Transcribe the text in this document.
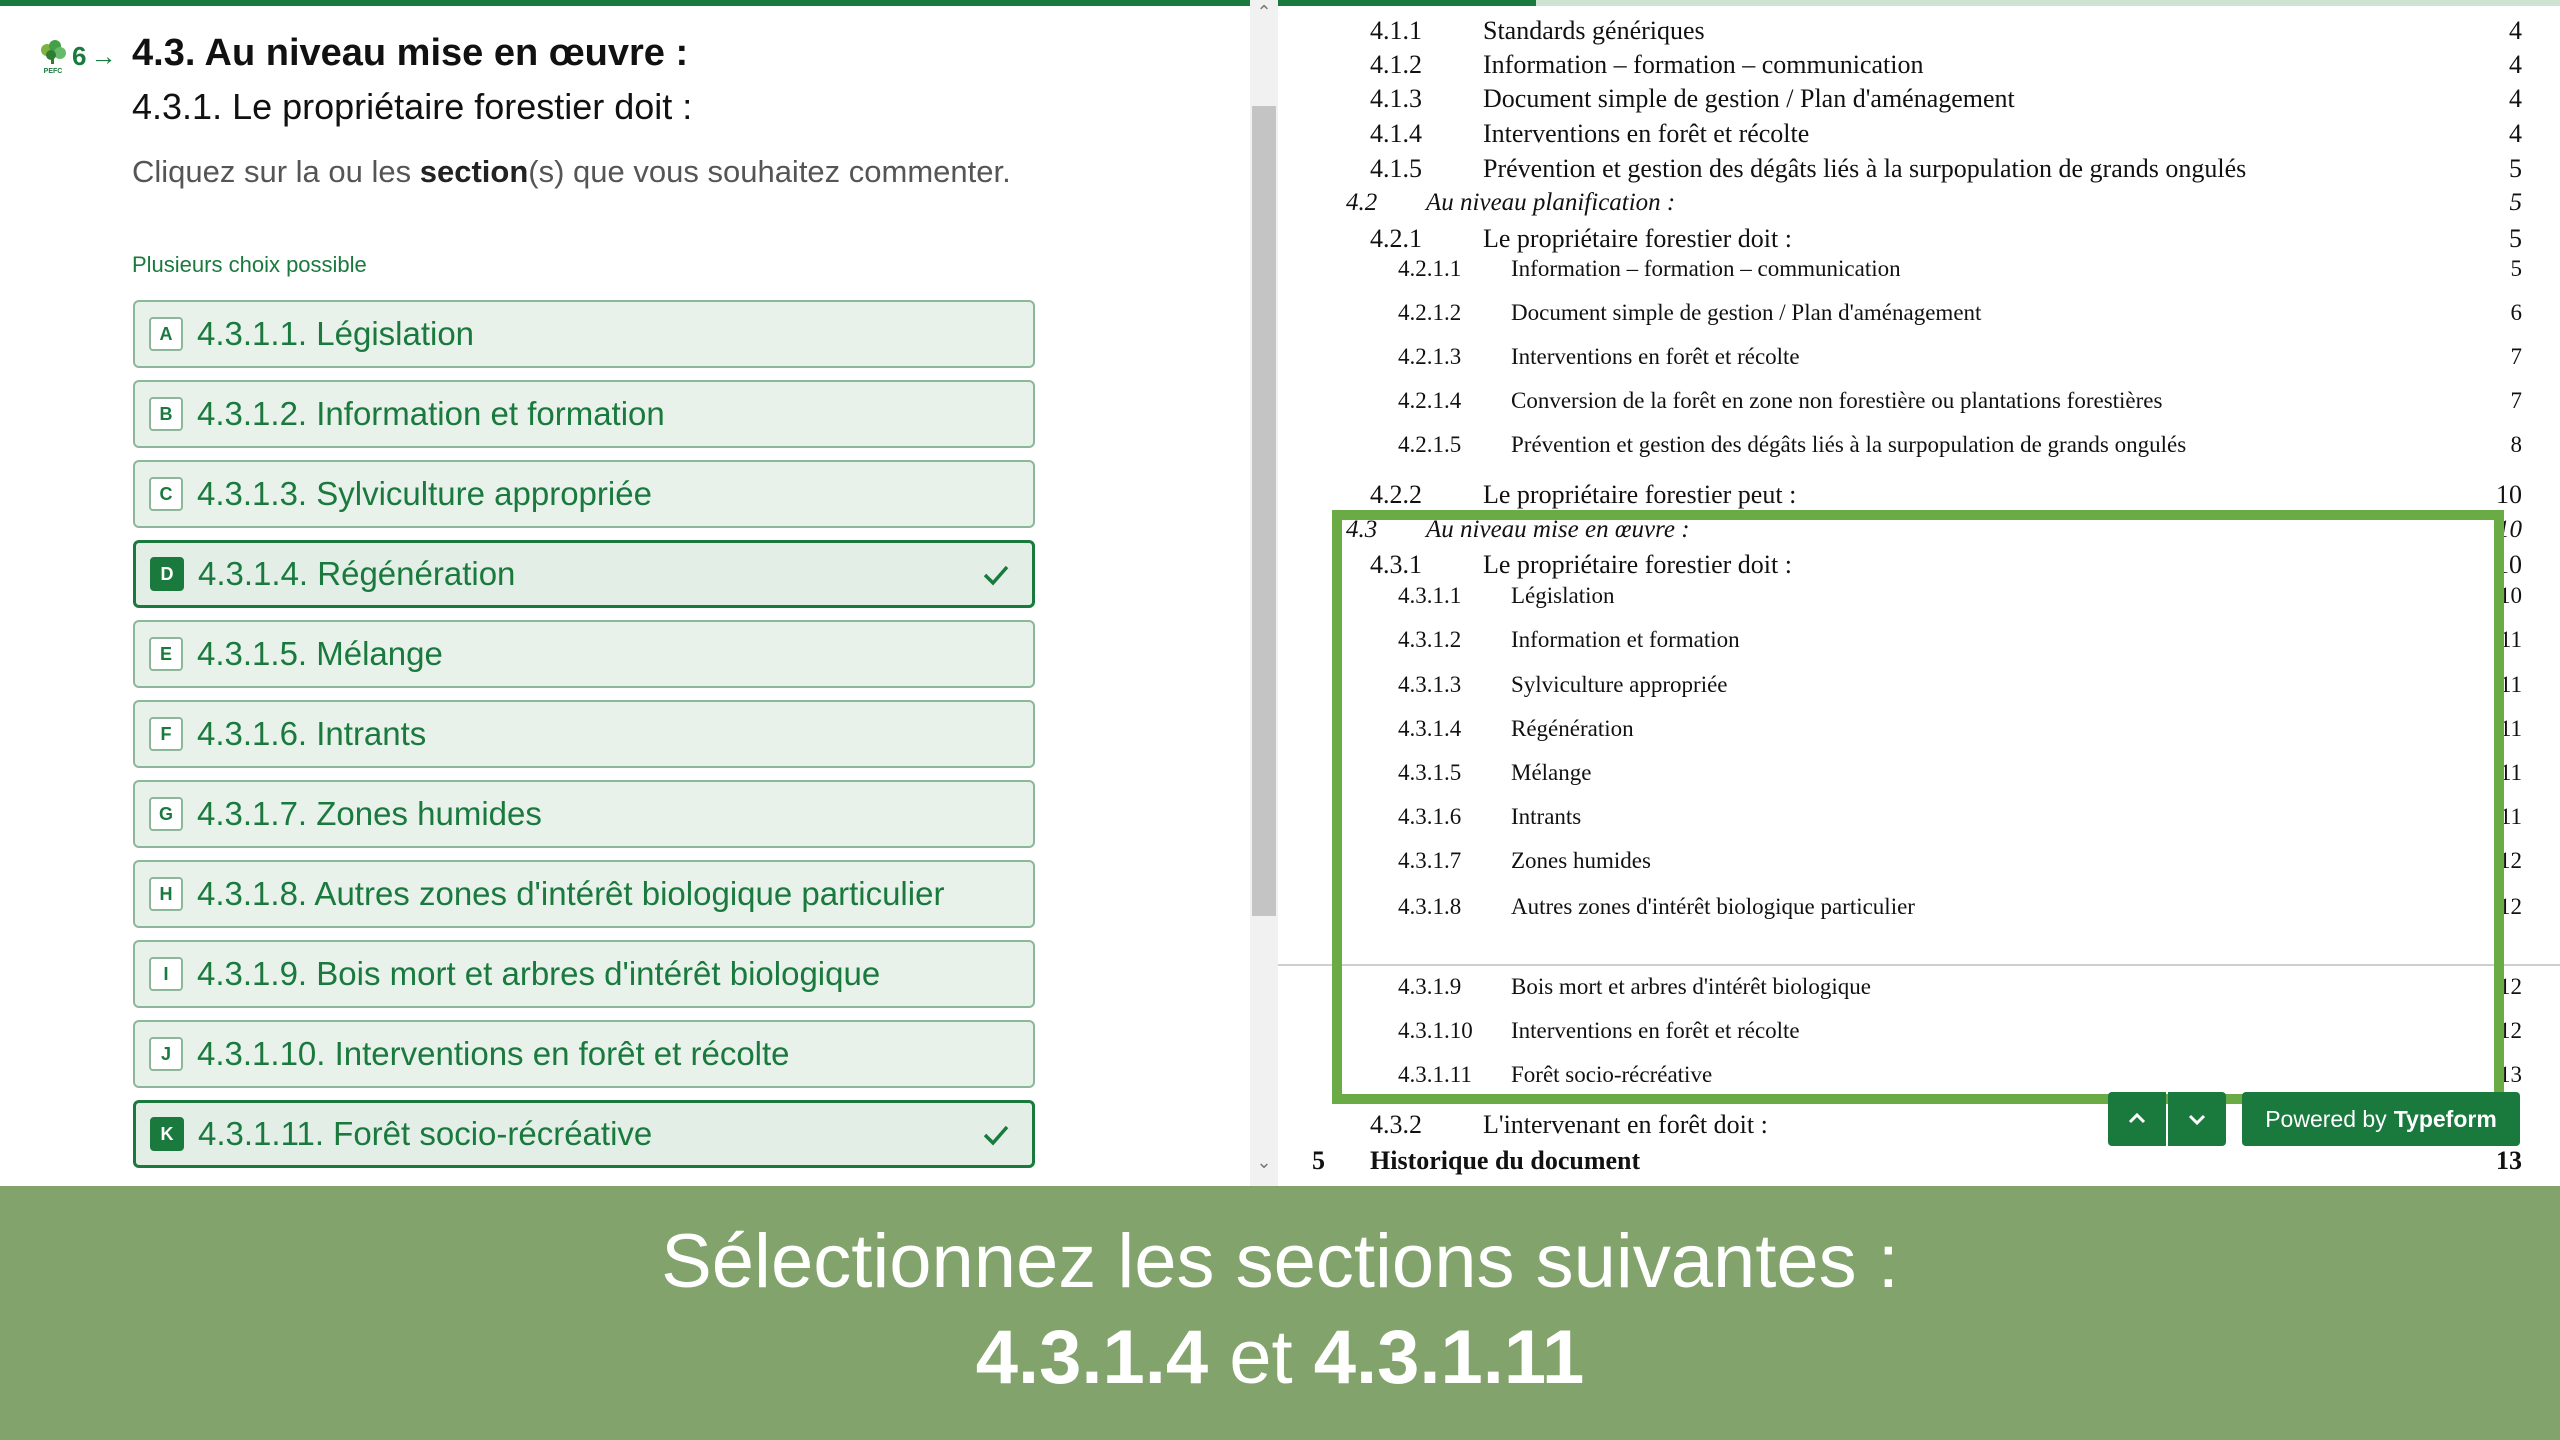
PEFC
6 → 4.3. Au niveau mise en œuvre :
4.3.1. Le propriétaire forestier doit :
Cliquez sur la ou les section(s) que vous souhaitez commenter.
Plusieurs choix possible
A 4.3.1.1. Législation
B 4.3.1.2. Information et formation
C 4.3.1.3. Sylviculture appropriée
D 4.3.1.4. Régénération
E 4.3.1.5. Mélange
F 4.3.1.6. Intrants
G 4.3.1.7. Zones humides
H 4.3.1.8. Autres zones d'intérêt biologique particulier
I 4.3.1.9. Bois mort et arbres d'intérêt biologique
J 4.3.1.10. Interventions en forêt et récolte
K 4.3.1.11. Forêt socio-récréative
⌃
⌄
4.1.1 Standards génériques	4
4.1.2 Information – formation – communication	4
4.1.3 Document simple de gestion / Plan d'aménagement	4
4.1.4 Interventions en forêt et récolte	4
4.1.5 Prévention et gestion des dégâts liés à la surpopulation de grands ongulés	5
4.2 Au niveau planification :	5
4.2.1 Le propriétaire forestier doit :	5
4.2.1.1 Information – formation – communication	5
4.2.1.2 Document simple de gestion / Plan d'aménagement	6
4.2.1.3 Interventions en forêt et récolte	7
4.2.1.4 Conversion de la forêt en zone non forestière ou plantations forestières	7
4.2.1.5 Prévention et gestion des dégâts liés à la surpopulation de grands ongulés	8
4.2.2 Le propriétaire forestier peut :	10
4.3 Au niveau mise en œuvre :	10
4.3.1 Le propriétaire forestier doit :	10
4.3.1.1 Législation	10
4.3.1.2 Information et formation	11
4.3.1.3 Sylviculture appropriée	11
4.3.1.4 Régénération	11
4.3.1.5 Mélange	11
4.3.1.6 Intrants	11
4.3.1.7 Zones humides	12
4.3.1.8 Autres zones d'intérêt biologique particulier	12
4.3.1.9 Bois mort et arbres d'intérêt biologique	12
4.3.1.10 Interventions en forêt et récolte	12
4.3.1.11 Forêt socio-récréative	13
4.3.2 L'intervenant en forêt doit :
5 Historique du document	13
Powered by Typeform
Sélectionnez les sections suivantes :
4.3.1.4 et 4.3.1.11
